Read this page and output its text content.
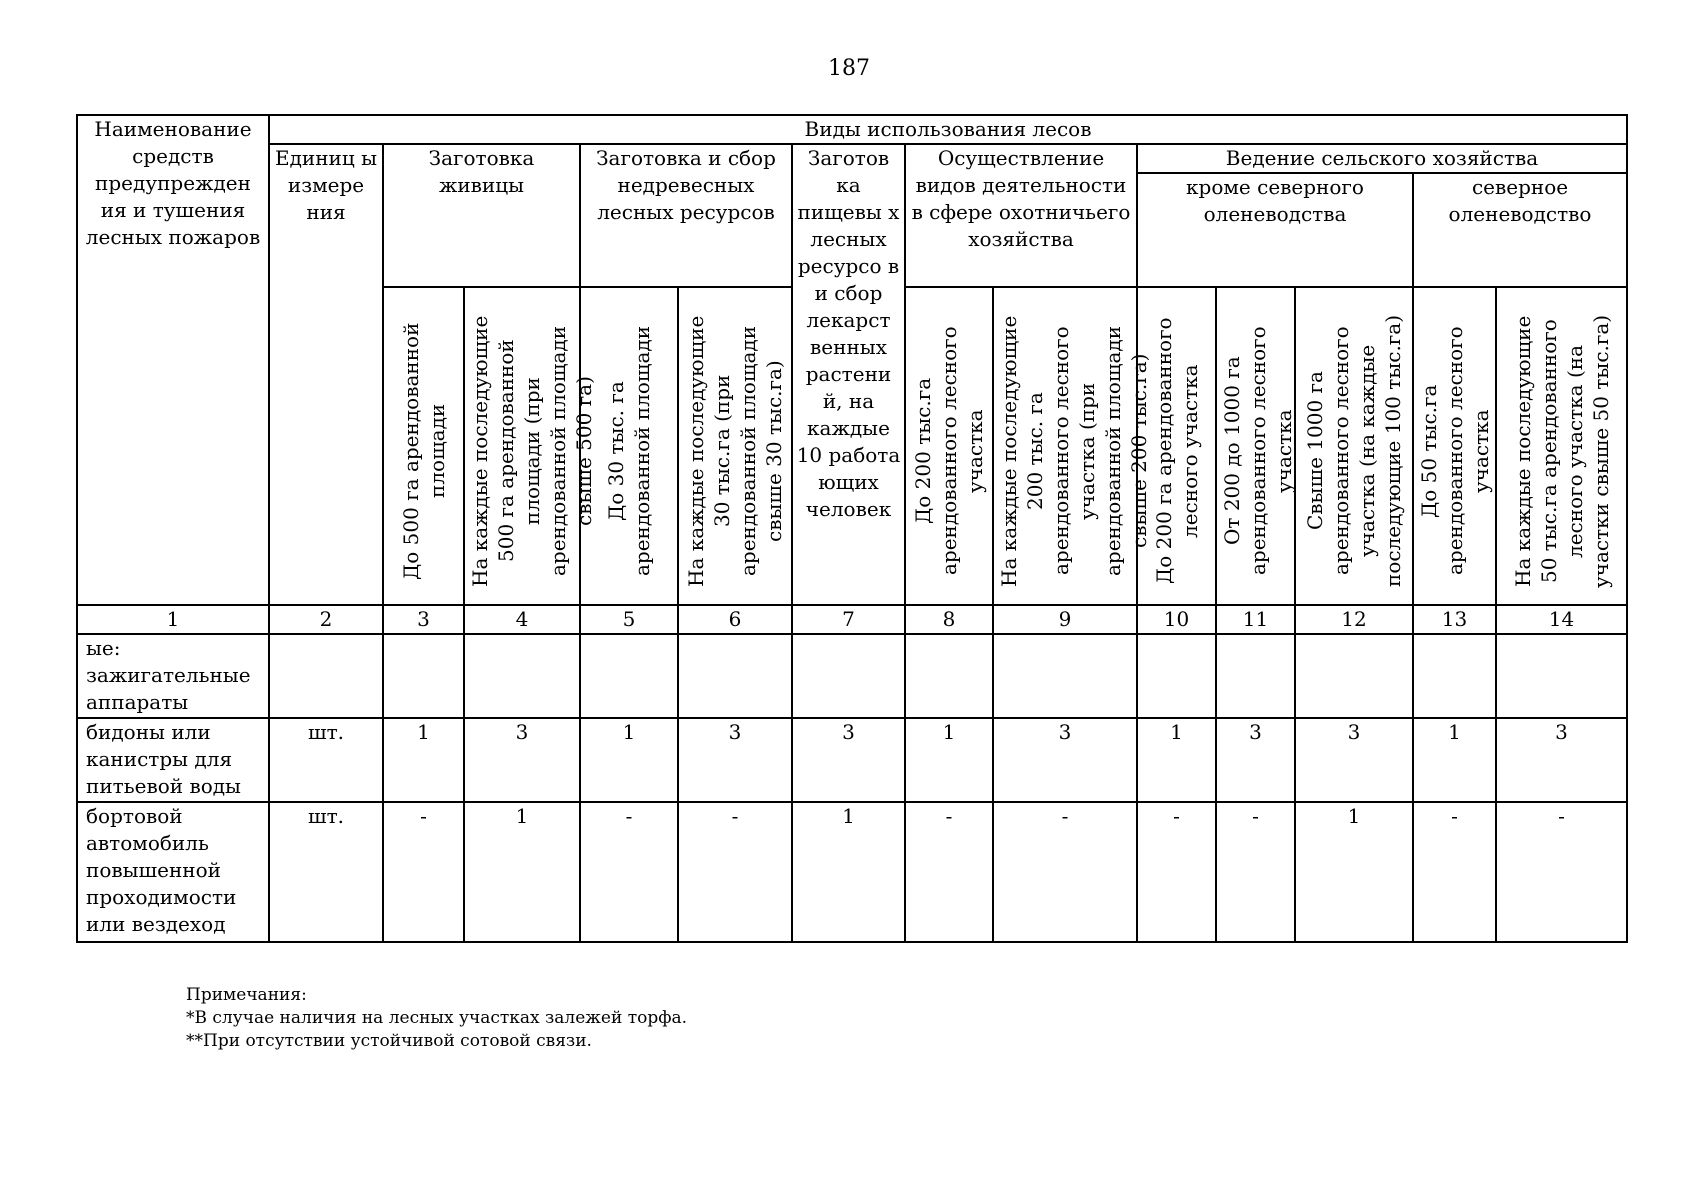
187
Наименование средств предупрежден ия и тушения лесных пожаров	Виды использования лесов												
	Единиц ы измере ния	Заготовка живицы		Заготовка и сбор недревесных лесных ресурсов		Заготов ка пищевы х лесных ресурсо в и сбор лекарст венных растени й, на каждые 10 работа ющих человек	Осуществление видов деятельности в сфере охотничьего хозяйства		Ведение сельского хозяйства				
									кроме северного оленеводства			северное оленеводство	
		До 500 га арендованной площади	На каждые последующие 500 га арендованной площади (при арендованной площади свыше 500 га)	До 30 тыс. га арендованной площади	На каждые последующие 30 тыс.га (при арендованной площади свыше 30 тыс.га)		До 200 тыс.га арендованного лесного участка	На каждые последующие 200 тыс. га арендованного лесного участка (при арендованной площади свыше 200 тыс.га)	До 200 га арендованного лесного участка	От 200 до 1000 га арендованного лесного участка	Свыше 1000 га арендованного лесного участка (на каждые последующие 100 тыс.га)	До 50 тыс.га арендованного лесного участка	На каждые последующие 50 тыс.га арендованного лесного участка (на участки свыше 50 тыс.га)
1	2	3	4	5	6	7	8	9	10	11	12	13	14
ые: зажигательные аппараты													
бидоны или канистры для питьевой воды	шт.	1	3	1	3	3	1	3	1	3	3	1	3
бортовой автомобиль повышенной проходимости или вездеход	шт.	-	1	-	-	1	-	-	-	-	1	-	-
Примечания:
*В случае наличия на лесных участках залежей торфа.
**При отсутствии устойчивой сотовой связи.
